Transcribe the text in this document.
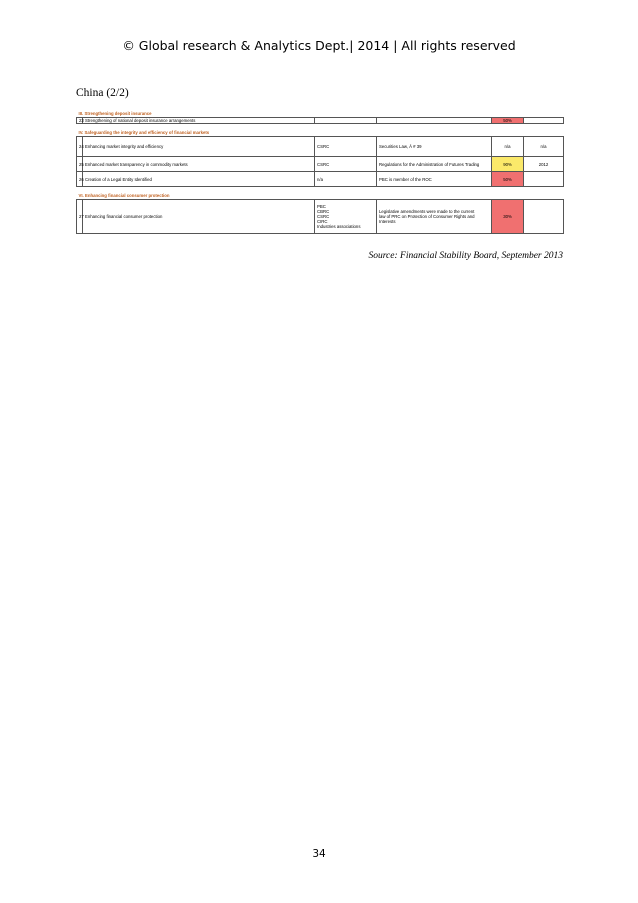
© Global research & Analytics Dept.| 2014 | All rights reserved
China (2/2)
III. Strengthening deposit insurance					
23	Strengthening of national deposit insurance arrangements			50%	

IV. Safeguarding the integrity and efficiency of financial markets					
24	Enhancing market integrity and efficiency	CSRC	Securities Law, Â # 39	n/a	n/a
25	Enhanced market transparency in commodity markets	CSRC	Regulations for the Administration of Futures Trading	90%	2012
26	Creation of a Legal Entity Identified	n/a	PBC is member of the ROC	50%	

VI. Enhancing financial consumer protection					
27	Enhancing financial consumer protection	PBC
CBRC
CSRC
CIRC
Industries associations	Legislative amendments were made to the current
law of PRC on Protection of Consumer Rights and
Interests	30%	
Source: Financial Stability Board, September 2013
34
